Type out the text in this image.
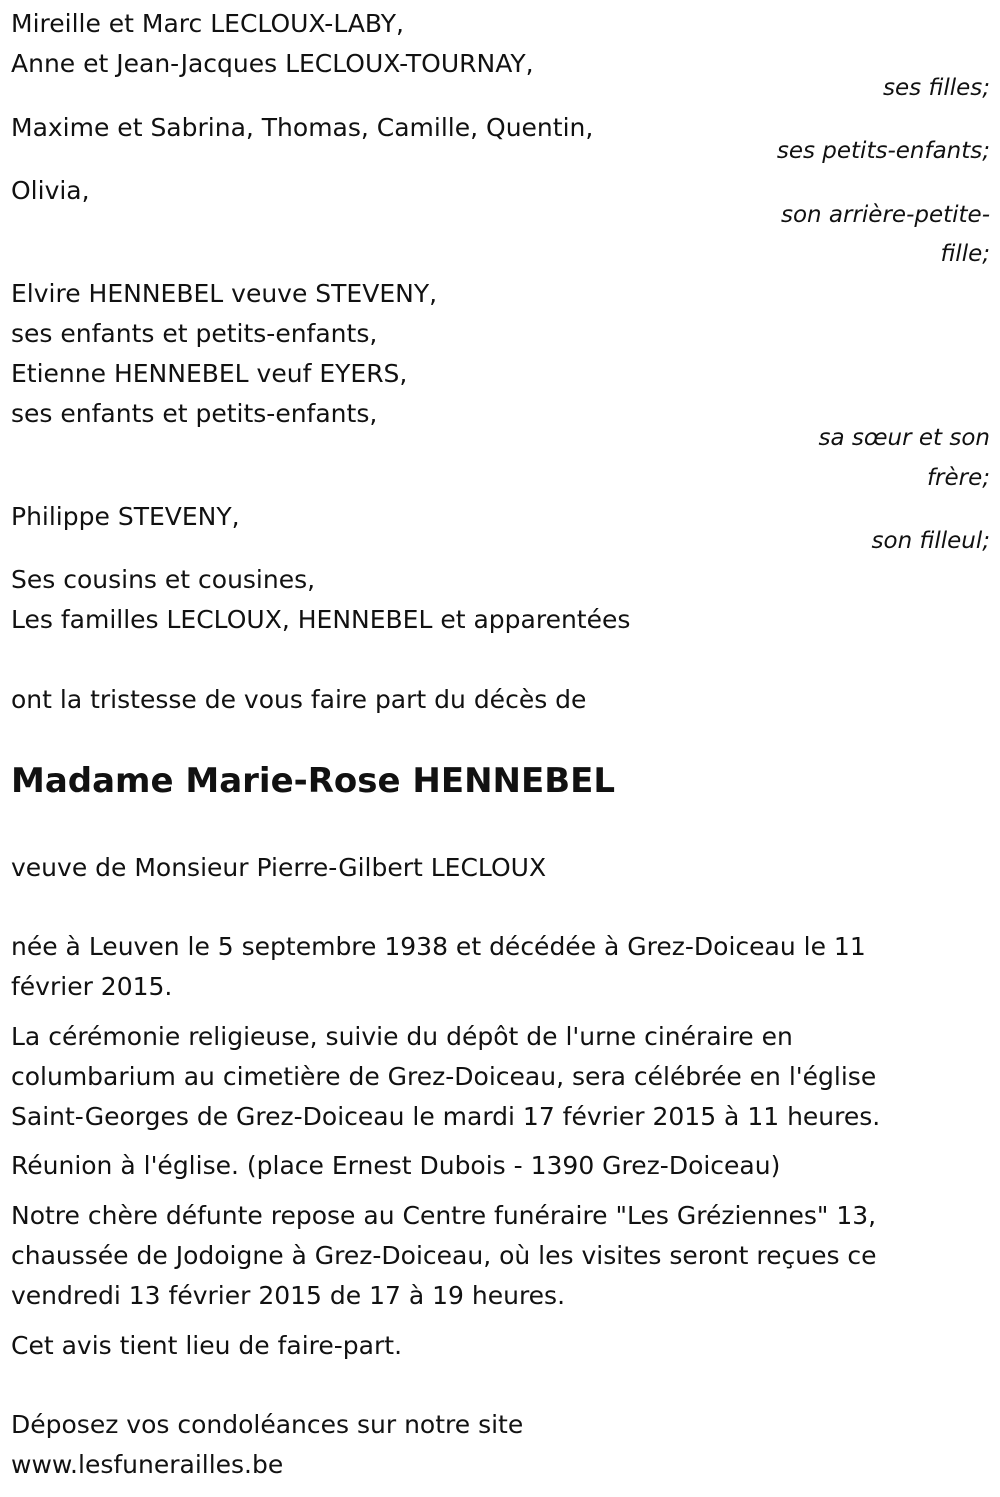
Mireille et Marc LECLOUX-LABY,
Anne et Jean-Jacques LECLOUX-TOURNAY,
ses filles;
Maxime et Sabrina, Thomas, Camille, Quentin,
ses petits-enfants;
Olivia,
son arrière-petite-
fille;
Elvire HENNEBEL veuve STEVENY,
ses enfants et petits-enfants,
Etienne HENNEBEL veuf EYERS,
ses enfants et petits-enfants,
sa sœur et son
frère;
Philippe STEVENY,
son filleul;
Ses cousins et cousines,
Les familles LECLOUX, HENNEBEL et apparentées
ont la tristesse de vous faire part du décès de
Madame Marie-Rose HENNEBEL
veuve de Monsieur Pierre-Gilbert LECLOUX
née à Leuven le 5 septembre 1938 et décédée à Grez-Doiceau le 11
février 2015.
La cérémonie religieuse, suivie du dépôt de l'urne cinéraire en
columbarium au cimetière de Grez-Doiceau, sera célébrée en l'église
Saint-Georges de Grez-Doiceau le mardi 17 février 2015 à 11 heures.
Réunion à l'église. (place Ernest Dubois - 1390 Grez-Doiceau)
Notre chère défunte repose au Centre funéraire "Les Gréziennes" 13,
chaussée de Jodoigne à Grez-Doiceau, où les visites seront reçues ce
vendredi 13 février 2015 de 17 à 19 heures.
Cet avis tient lieu de faire-part.
Déposez vos condoléances sur notre site
www.lesfunerailles.be
